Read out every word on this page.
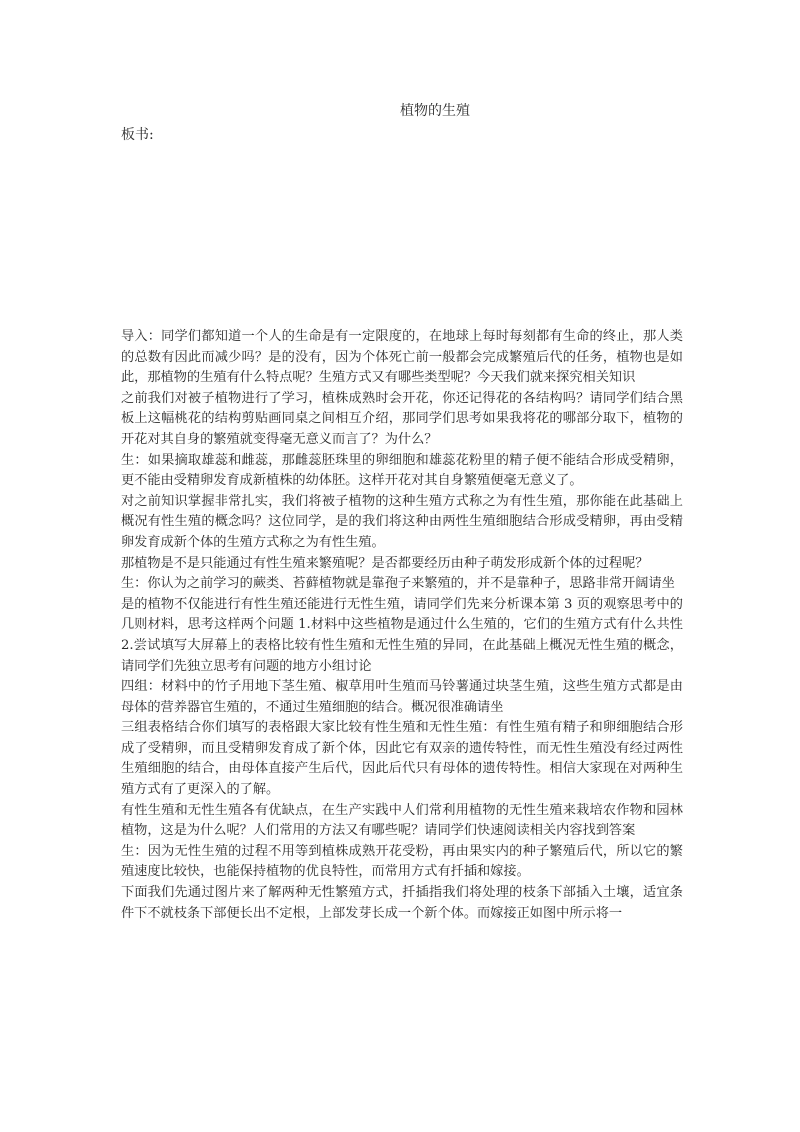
植物的生殖
板书:

导入：同学们都知道一个人的生命是有一定限度的，在地球上每时每刻都有生命的终止，那人类的总数有因此而减少吗？是的没有，因为个体死亡前一般都会完成繁殖后代的任务，植物也是如此，那植物的生殖有什么特点呢？生殖方式又有哪些类型呢？今天我们就来探究相关知识

之前我们对被子植物进行了学习，植株成熟时会开花，你还记得花的各结构吗？请同学们结合黑板上这幅桃花的结构剪贴画同桌之间相互介绍，那同学们思考如果我将花的哪部分取下，植物的开花对其自身的繁殖就变得毫无意义而言了？为什么？

生：如果摘取雄蕊和雌蕊，那雌蕊胚珠里的卵细胞和雄蕊花粉里的精子便不能结合形成受精卵，更不能由受精卵发育成新植株的幼体胚。这样开花对其自身繁殖便毫无意义了。

对之前知识掌握非常扎实，我们将被子植物的这种生殖方式称之为有性生殖，那你能在此基础上概况有性生殖的概念吗？这位同学，是的我们将这种由两性生殖细胞结合形成受精卵，再由受精卵发育成新个体的生殖方式称之为有性生殖。

那植物是不是只能通过有性生殖来繁殖呢？是否都要经历由种子萌发形成新个体的过程呢？

生：你认为之前学习的蕨类、苔藓植物就是靠孢子来繁殖的，并不是靠种子，思路非常开阔请坐

是的植物不仅能进行有性生殖还能进行无性生殖，请同学们先来分析课本第 3 页的观察思考中的几则材料，思考这样两个问题 1.材料中这些植物是通过什么生殖的，它们的生殖方式有什么共性 2.尝试填写大屏幕上的表格比较有性生殖和无性生殖的异同，在此基础上概况无性生殖的概念，请同学们先独立思考有问题的地方小组讨论

四组：材料中的竹子用地下茎生殖、椒草用叶生殖而马铃薯通过块茎生殖，这些生殖方式都是由母体的营养器官生殖的，不通过生殖细胞的结合。概况很准确请坐

三组表格结合你们填写的表格跟大家比较有性生殖和无性生殖：有性生殖有精子和卵细胞结合形成了受精卵，而且受精卵发育成了新个体，因此它有双亲的遗传特性，而无性生殖没有经过两性生殖细胞的结合，由母体直接产生后代，因此后代只有母体的遗传特性。相信大家现在对两种生殖方式有了更深入的了解。

有性生殖和无性生殖各有优缺点，在生产实践中人们常利用植物的无性生殖来栽培农作物和园林植物，这是为什么呢？人们常用的方法又有哪些呢？请同学们快速阅读相关内容找到答案

生：因为无性生殖的过程不用等到植株成熟开花受粉，再由果实内的种子繁殖后代，所以它的繁殖速度比较快，也能保持植物的优良特性，而常用方式有扦插和嫁接。

下面我们先通过图片来了解两种无性繁殖方式，扦插指我们将处理的枝条下部插入土壤，适宜条件下不就枝条下部便长出不定根，上部发芽长成一个新个体。而嫁接正如图中所示将一
